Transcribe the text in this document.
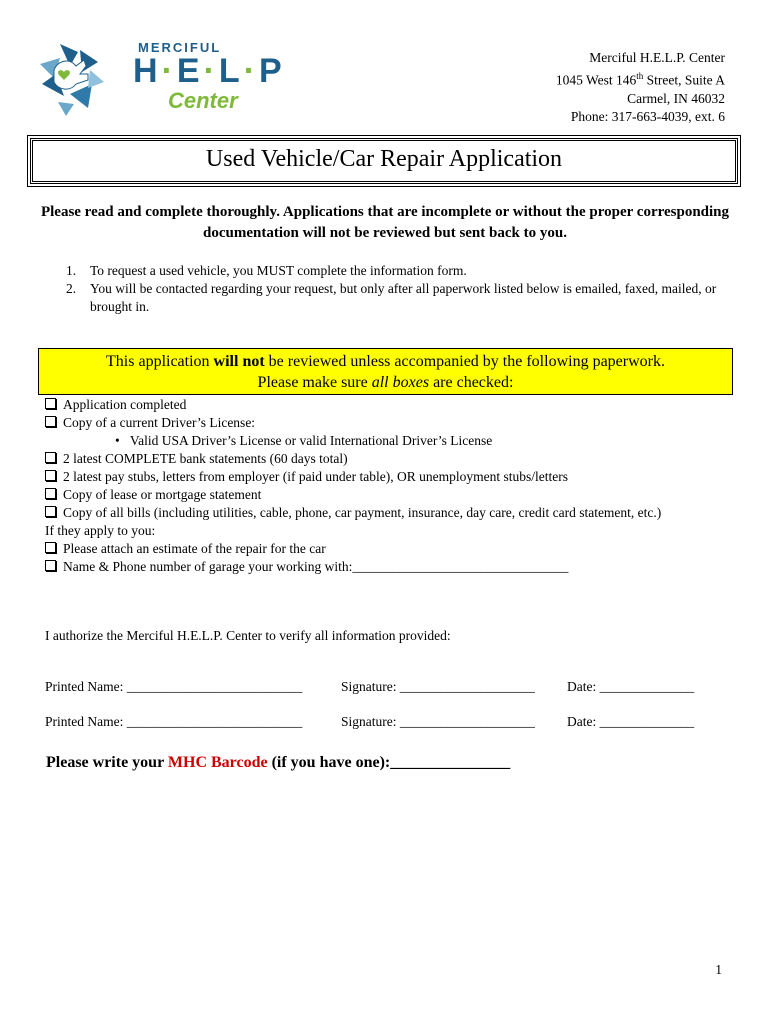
MERCIFUL
H·E·L·P
Center
Merciful H.E.L.P. Center
1045 West 146th Street, Suite A
Carmel, IN 46032
Phone: 317-663-4039, ext. 6
Used Vehicle/Car Repair Application
Please read and complete thoroughly. Applications that are incomplete or without the proper corresponding documentation will not be reviewed but sent back to you.
1.	To request a used vehicle, you MUST complete the information form.
2.	You will be contacted regarding your request, but only after all paperwork listed below is emailed, faxed, mailed, or brought in.
This application will not be reviewed unless accompanied by the following paperwork.
Please make sure all boxes are checked:
Application completed
Copy of a current Driver’s License:
•   Valid USA Driver’s License or valid International Driver’s License
2 latest COMPLETE bank statements (60 days total)
2 latest pay stubs, letters from employer (if paid under table), OR unemployment stubs/letters
Copy of lease or mortgage statement
Copy of all bills (including utilities, cable, phone, car payment, insurance, day care, credit card statement, etc.)
If they apply to you:
Please attach an estimate of the repair for the car
Name & Phone number of garage your working with:________________________________
I authorize the Merciful H.E.L.P. Center to verify all information provided:
Printed Name: __________________________	Signature: ____________________ Date: ______________
Printed Name: __________________________	Signature: ____________________ Date: ______________
Please write your MHC Barcode (if you have one):_______________
1
